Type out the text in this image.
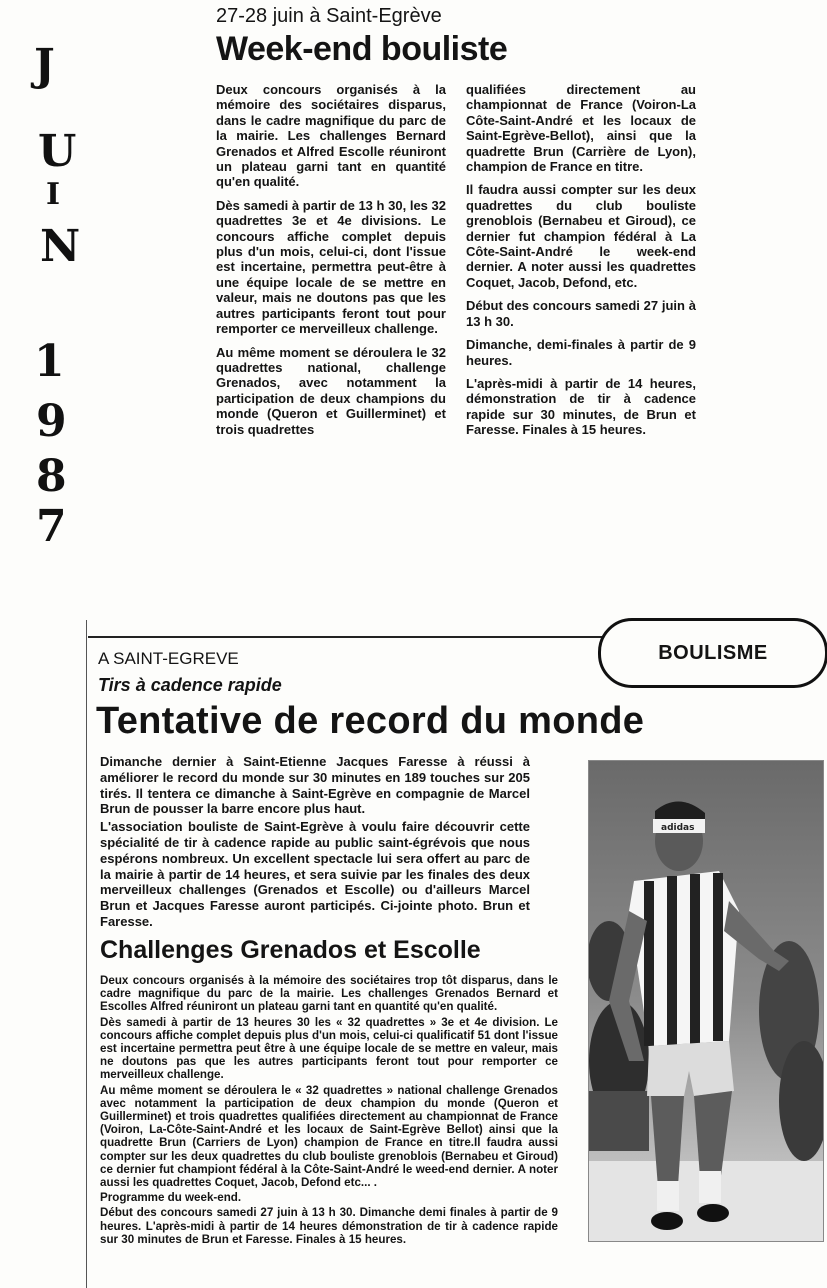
J
U
I
N
1
9
8
7
27-28 juin à Saint-Egrève
Week-end bouliste

Deux concours organisés à la mémoire des sociétaires disparus, dans le cadre magnifique du parc de la mairie. Les challenges Bernard Grenados et Alfred Escolle réuniront un plateau garni tant en quantité qu'en qualité.

Dès samedi à partir de 13 h 30, les 32 quadrettes 3e et 4e divisions. Le concours affiche complet depuis plus d'un mois, celui-ci, dont l'issue est incertaine, permettra peut-être à une équipe locale de se mettre en valeur, mais ne doutons pas que les autres participants feront tout pour remporter ce merveilleux challenge.

Au même moment se déroulera le 32 quadrettes national, challenge Grenados, avec notamment la participation de deux champions du monde (Queron et Guillerminet) et trois quadrettes

qualifiées directement au championnat de France (Voiron-La Côte-Saint-André et les locaux de Saint-Egrève-Bellot), ainsi que la quadrette Brun (Carrière de Lyon), champion de France en titre.

Il faudra aussi compter sur les deux quadrettes du club bouliste grenoblois (Bernabeu et Giroud), ce dernier fut champion fédéral à La Côte-Saint-André le week-end dernier. A noter aussi les quadrettes Coquet, Jacob, Defond, etc.

Début des concours samedi 27 juin à 13 h 30.

Dimanche, demi-finales à partir de 9 heures.

L'après-midi à partir de 14 heures, démonstration de tir à cadence rapide sur 30 minutes, de Brun et Faresse. Finales à 15 heures.

BOULISME
A SAINT-EGREVE
Tirs à cadence rapide
Tentative de record du monde

Dimanche dernier à Saint-Etienne Jacques Faresse à réussi à améliorer le record du monde sur 30 minutes en 189 touches sur 205 tirés. Il tentera ce dimanche à Saint-Egrève en compagnie de Marcel Brun de pousser la barre encore plus haut.

L'association bouliste de Saint-Egrève à voulu faire découvrir cette spécialité de tir à cadence rapide au public saint-égrévois que nous espérons nombreux. Un excellent spectacle lui sera offert au parc de la mairie à partir de 14 heures, et sera suivie par les finales des deux merveilleux challenges (Grenados et Escolle) ou d'ailleurs Marcel Brun et Jacques Faresse auront participés. Ci-jointe photo. Brun et Faresse.

Challenges Grenados et Escolle

Deux concours organisés à la mémoire des sociétaires trop tôt disparus, dans le cadre magnifique du parc de la mairie. Les challenges Grenados Bernard et Escolles Alfred réuniront un plateau garni tant en quantité qu'en qualité.

Dès samedi à partir de 13 heures 30 les « 32 quadrettes » 3e et 4e division. Le concours affiche complet depuis plus d'un mois, celui-ci qualificatif 51 dont l'issue est incertaine permettra peut être à une équipe locale de se mettre en valeur, mais ne doutons pas que les autres participants feront tout pour remporter ce merveilleux challenge.

Au même moment se déroulera le « 32 quadrettes » national challenge Grenados avec notamment la participation de deux champion du monde (Queron et Guillerminet) et trois quadrettes qualifiées directement au championnat de France (Voiron, La-Côte-Saint-André et les locaux de Saint-Egrève Bellot) ainsi que la quadrette Brun (Carriers de Lyon) champion de France en titre.Il faudra aussi compter sur les deux quadrettes du club bouliste grenoblois (Bernabeu et Giroud) ce dernier fut championt fédéral à la Côte-Saint-André le weed-end dernier. A noter aussi les quadrettes Coquet, Jacob, Defond etc... .

Programme du week-end.

Début des concours samedi 27 juin à 13 h 30. Dimanche demi finales à partir de 9 heures. L'après-midi à partir de 14 heures démonstration de tir à cadence rapide sur 30 minutes de Brun et Faresse. Finales à 15 heures.

adidas
